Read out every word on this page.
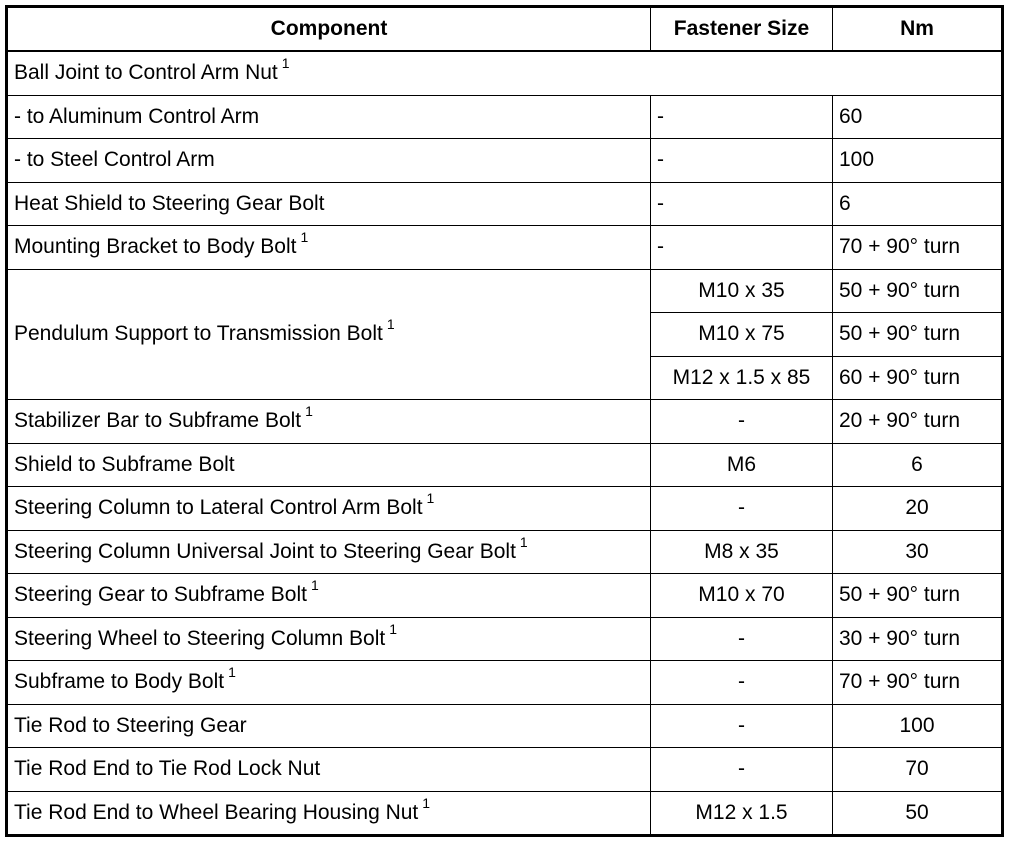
Component	Fastener Size	Nm
Ball Joint to Control Arm Nut $^1$
- to Aluminum Control Arm	-	60
- to Steel Control Arm	-	100
Heat Shield to Steering Gear Bolt	-	6
Mounting Bracket to Body Bolt $^1$	-	70 + 90° turn
Pendulum Support to Transmission Bolt $^1$	M10 x 35	50 + 90° turn
	M10 x 75	50 + 90° turn
	M12 x 1.5 x 85	60 + 90° turn
Stabilizer Bar to Subframe Bolt $^1$	-	20 + 90° turn
Shield to Subframe Bolt	M6	6
Steering Column to Lateral Control Arm Bolt $^1$	-	20
Steering Column Universal Joint to Steering Gear Bolt $^1$	M8 x 35	30
Steering Gear to Subframe Bolt $^1$	M10 x 70	50 + 90° turn
Steering Wheel to Steering Column Bolt $^1$	-	30 + 90° turn
Subframe to Body Bolt $^1$	-	70 + 90° turn
Tie Rod to Steering Gear	-	100
Tie Rod End to Tie Rod Lock Nut	-	70
Tie Rod End to Wheel Bearing Housing Nut $^1$	M12 x 1.5	50
